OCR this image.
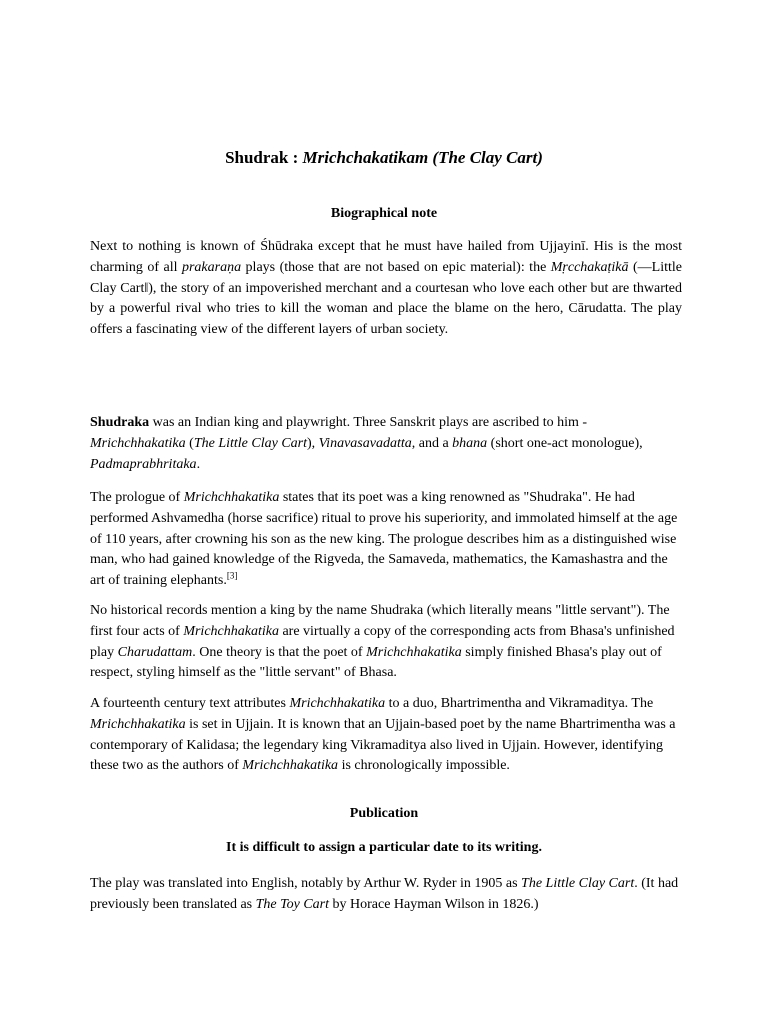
Shudrak : Mrichchakatikam (The Clay Cart)
Biographical note

Next to nothing is known of Śhūdraka except that he must have hailed from Ujjayinī. His is the most charming of all prakaraṇa plays (those that are not based on epic material): the Mṛcchakaṭikā (—Little Clay Cart‖), the story of an impoverished merchant and a courtesan who love each other but are thwarted by a powerful rival who tries to kill the woman and place the blame on the hero, Cārudatta. The play offers a fascinating view of the different layers of urban society.

Shudraka was an Indian king and playwright. Three Sanskrit plays are ascribed to him - Mrichchhakatika (The Little Clay Cart), Vinavasavadatta, and a bhana (short one-act monologue), Padmaprabhritaka.

The prologue of Mrichchhakatika states that its poet was a king renowned as "Shudraka". He had performed Ashvamedha (horse sacrifice) ritual to prove his superiority, and immolated himself at the age of 110 years, after crowning his son as the new king. The prologue describes him as a distinguished wise man, who had gained knowledge of the Rigveda, the Samaveda, mathematics, the Kamashastra and the art of training elephants.[3]

No historical records mention a king by the name Shudraka (which literally means "little servant"). The first four acts of Mrichchhakatika are virtually a copy of the corresponding acts from Bhasa's unfinished play Charudattam. One theory is that the poet of Mrichchhakatika simply finished Bhasa's play out of respect, styling himself as the "little servant" of Bhasa.

A fourteenth century text attributes Mrichchhakatika to a duo, Bhartrimentha and Vikramaditya. The Mrichchhakatika is set in Ujjain. It is known that an Ujjain-based poet by the name Bhartrimentha was a contemporary of Kalidasa; the legendary king Vikramaditya also lived in Ujjain. However, identifying these two as the authors of Mrichchhakatika is chronologically impossible.

Publication
It is difficult to assign a particular date to its writing.

The play was translated into English, notably by Arthur W. Ryder in 1905 as The Little Clay Cart. (It had previously been translated as The Toy Cart by Horace Hayman Wilson in 1826.)
